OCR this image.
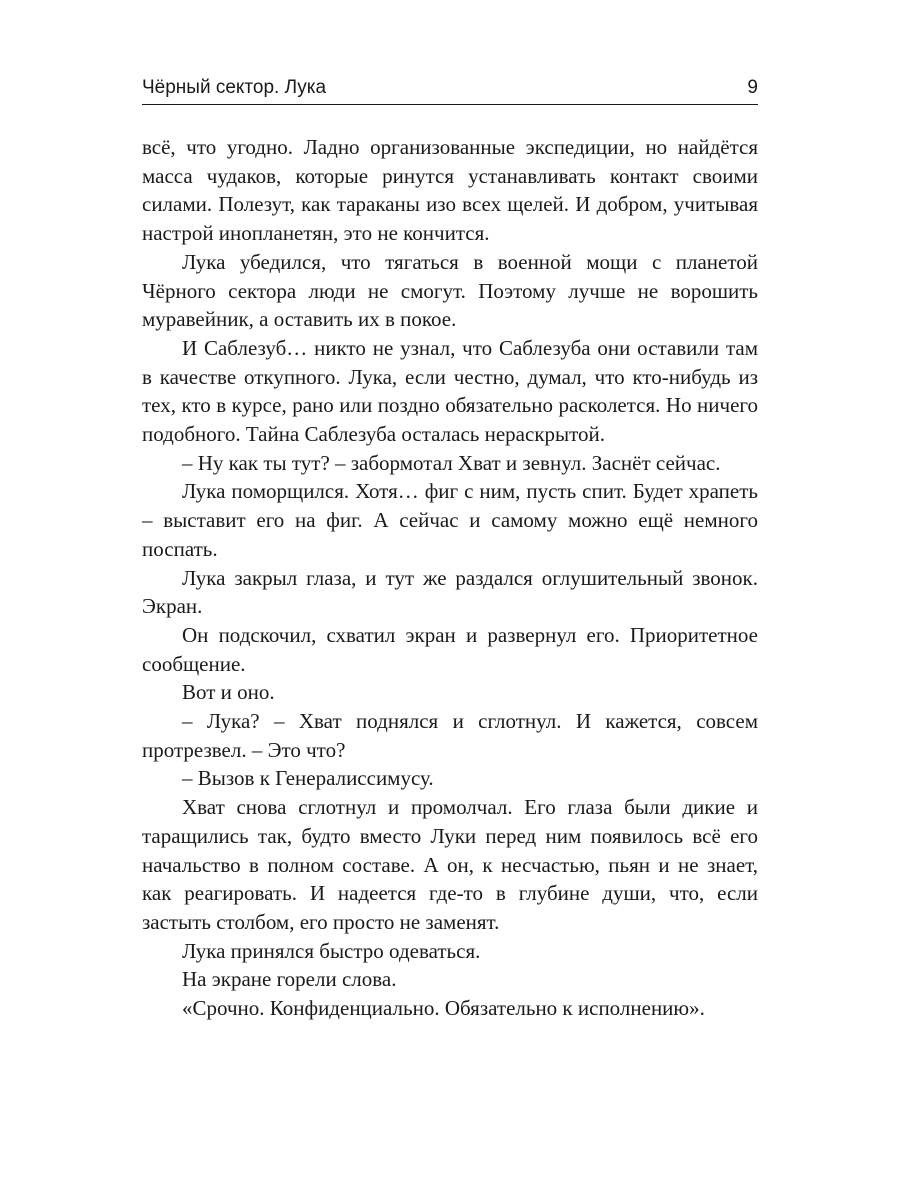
Чёрный сектор. Лука	9

всё, что угодно. Ладно организованные экспедиции, но найдётся масса чудаков, которые ринутся устанавливать контакт своими силами. Полезут, как тараканы изо всех щелей. И добром, учитывая настрой инопланетян, это не кончится.

Лука убедился, что тягаться в военной мощи с планетой Чёрного сектора люди не смогут. Поэтому лучше не ворошить муравейник, а оставить их в покое.

И Саблезуб… никто не узнал, что Саблезуба они оставили там в качестве откупного. Лука, если честно, думал, что кто-нибудь из тех, кто в курсе, рано или поздно обязательно расколется. Но ничего подобного. Тайна Саблезуба осталась нераскрытой.

– Ну как ты тут? – забормотал Хват и зевнул. Заснёт сейчас.

Лука поморщился. Хотя… фиг с ним, пусть спит. Будет храпеть – выставит его на фиг. А сейчас и самому можно ещё немного поспать.

Лука закрыл глаза, и тут же раздался оглушительный звонок. Экран.

Он подскочил, схватил экран и развернул его. Приоритетное сообщение.

Вот и оно.

– Лука? – Хват поднялся и сглотнул. И кажется, совсем протрезвел. – Это что?

– Вызов к Генералиссимусу.

Хват снова сглотнул и промолчал. Его глаза были дикие и таращились так, будто вместо Луки перед ним появилось всё его начальство в полном составе. А он, к несчастью, пьян и не знает, как реагировать. И надеется где-то в глубине души, что, если застыть столбом, его просто не заменят.

Лука принялся быстро одеваться.

На экране горели слова.

«Срочно. Конфиденциально. Обязательно к исполнению».
